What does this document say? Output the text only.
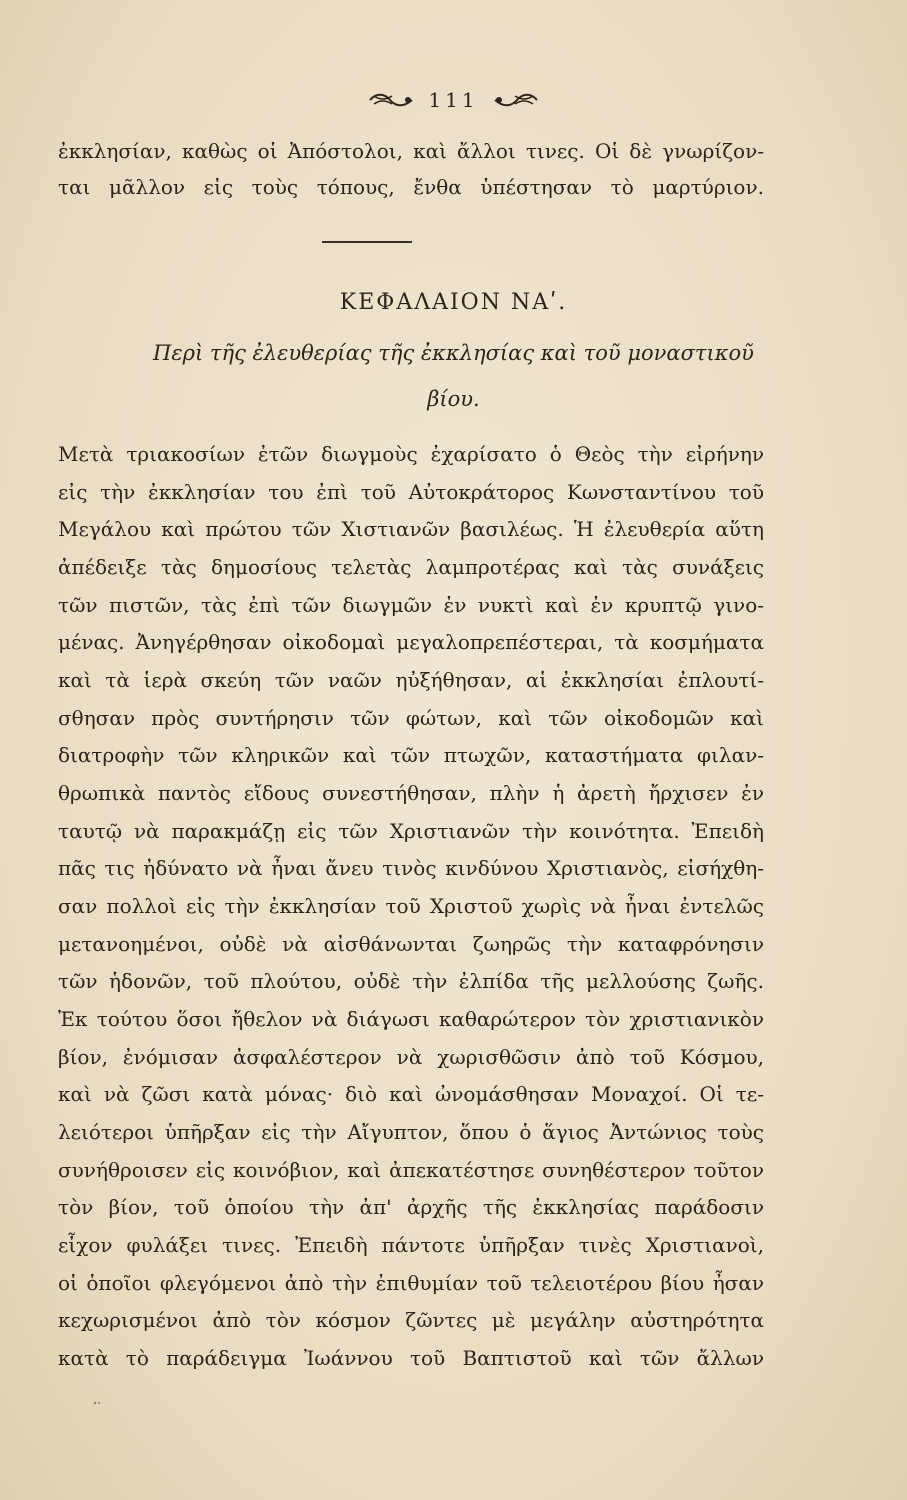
111
ἐκκλησίαν, καθὼς οἱ Ἀπόστολοι, καὶ ἄλλοι τινες. Οἱ δὲ γνωρίζον-
ται μᾶλλον εἰς τοὺς τόπους, ἔνθα ὑπέστησαν τὸ μαρτύριον.
ΚΕΦΑΛΑΙΟΝ ΝΑʹ.
Περὶ τῆς ἐλευθερίας τῆς ἐκκλησίας καὶ τοῦ μοναστικοῦ
βίου.
Μετὰ τριακοσίων ἐτῶν διωγμοὺς ἐχαρίσατο ὁ Θεὸς τὴν εἰρήνην
εἰς τὴν ἐκκλησίαν του ἐπὶ τοῦ Αὐτοκράτορος Κωνσταντίνου τοῦ
Μεγάλου καὶ πρώτου τῶν Χιστιανῶν βασιλέως. Ἡ ἐλευθερία αὕτη
ἀπέδειξε τὰς δημοσίους τελετὰς λαμπροτέρας καὶ τὰς συνάξεις
τῶν πιστῶν, τὰς ἐπὶ τῶν διωγμῶν ἐν νυκτὶ καὶ ἐν κρυπτῷ γινο-
μένας. Ἀνηγέρθησαν οἰκοδομαὶ μεγαλοπρεπέστεραι, τὰ κοσμήματα
καὶ τὰ ἱερὰ σκεύη τῶν ναῶν ηὐξήθησαν, αἱ ἐκκλησίαι ἐπλουτί-
σθησαν πρὸς συντήρησιν τῶν φώτων, καὶ τῶν οἰκοδομῶν καὶ
διατροφὴν τῶν κληρικῶν καὶ τῶν πτωχῶν, καταστήματα φιλαν-
θρωπικὰ παντὸς εἴδους συνεστήθησαν, πλὴν ἡ ἀρετὴ ἤρχισεν ἐν
ταυτῷ νὰ παρακμάζῃ εἰς τῶν Χριστιανῶν τὴν κοινότητα. Ἐπειδὴ
πᾶς τις ἠδύνατο νὰ ἦναι ἄνευ τινὸς κινδύνου Χριστιανὸς, εἰσήχθη-
σαν πολλοὶ εἰς τὴν ἐκκλησίαν τοῦ Χριστοῦ χωρὶς νὰ ἦναι ἐντελῶς
μετανοημένοι, οὐδὲ νὰ αἰσθάνωνται ζωηρῶς τὴν καταφρόνησιν
τῶν ἡδονῶν, τοῦ πλούτου, οὐδὲ τὴν ἐλπίδα τῆς μελλούσης ζωῆς.
Ἐκ τούτου ὅσοι ἤθελον νὰ διάγωσι καθαρώτερον τὸν χριστιανικὸν
βίον, ἐνόμισαν ἀσφαλέστερον νὰ χωρισθῶσιν ἀπὸ τοῦ Κόσμου,
καὶ νὰ ζῶσι κατὰ μόνας· διὸ καὶ ὠνομάσθησαν Μοναχοί. Οἱ τε-
λειότεροι ὑπῆρξαν εἰς τὴν Αἴγυπτον, ὅπου ὁ ἅγιος Ἀντώνιος τοὺς
συνήθροισεν εἰς κοινόβιον, καὶ ἀπεκατέστησε συνηθέστερον τοῦτον
τὸν βίον, τοῦ ὁποίου τὴν ἀπ' ἀρχῆς τῆς ἐκκλησίας παράδοσιν
εἶχον φυλάξει τινες. Ἐπειδὴ πάντοτε ὑπῆρξαν τινὲς Χριστιανοὶ,
οἱ ὁποῖοι φλεγόμενοι ἀπὸ τὴν ἐπιθυμίαν τοῦ τελειοτέρου βίου ἦσαν
κεχωρισμένοι ἀπὸ τὸν κόσμον ζῶντες μὲ μεγάλην αὐστηρότητα
κατὰ τὸ παράδειγμα Ἰωάννου τοῦ Βαπτιστοῦ καὶ τῶν ἄλλων
